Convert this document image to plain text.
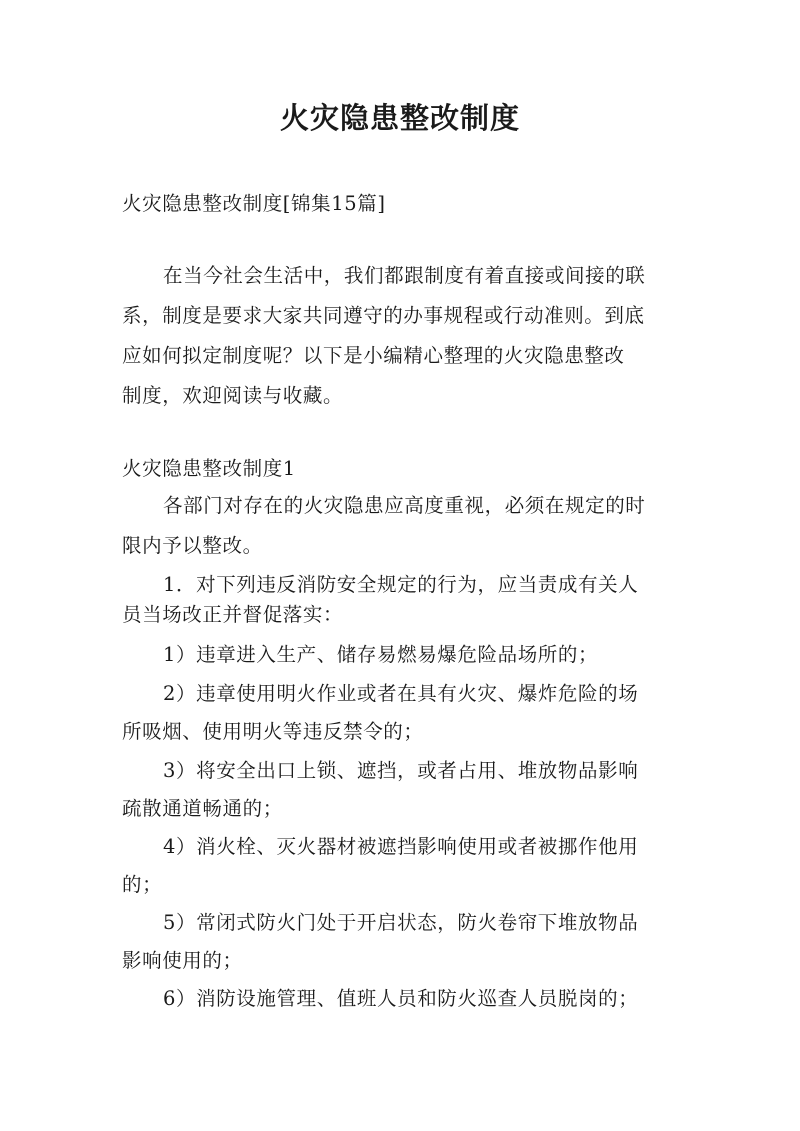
火灾隐患整改制度
火灾隐患整改制度[锦集15篇]
在当今社会生活中，我们都跟制度有着直接或间接的联
系，制度是要求大家共同遵守的办事规程或行动准则。到底
应如何拟定制度呢？以下是小编精心整理的火灾隐患整改
制度，欢迎阅读与收藏。
火灾隐患整改制度1
各部门对存在的火灾隐患应高度重视，必须在规定的时
限内予以整改。
1．对下列违反消防安全规定的行为，应当责成有关人
员当场改正并督促落实：
1）违章进入生产、储存易燃易爆危险品场所的；
2）违章使用明火作业或者在具有火灾、爆炸危险的场
所吸烟、使用明火等违反禁令的；
3）将安全出口上锁、遮挡，或者占用、堆放物品影响
疏散通道畅通的；
4）消火栓、灭火器材被遮挡影响使用或者被挪作他用
的；
5）常闭式防火门处于开启状态，防火卷帘下堆放物品
影响使用的；
6）消防设施管理、值班人员和防火巡查人员脱岗的；
